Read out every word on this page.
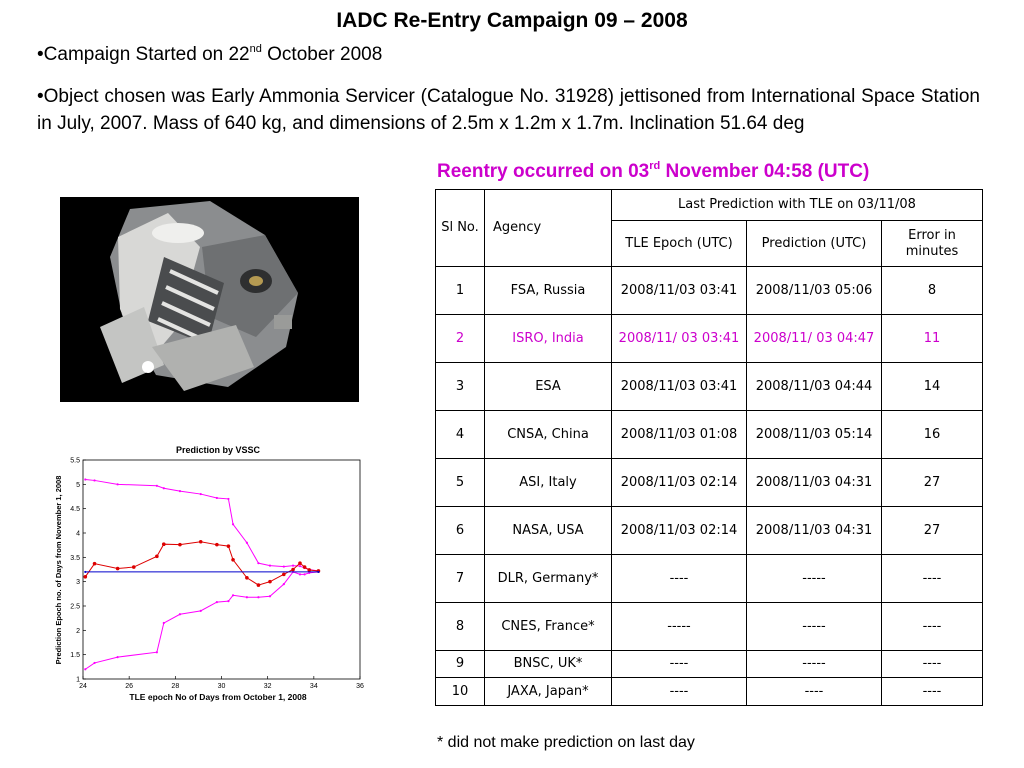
IADC Re-Entry Campaign 09 – 2008
•Campaign Started on 22nd October 2008
•Object chosen was Early Ammonia Servicer (Catalogue No. 31928) jettisoned from International Space Station in July, 2007. Mass of 640 kg, and dimensions of 2.5m x 1.2m x 1.7m. Inclination 51.64 deg
Reentry occurred on 03rd November 04:58 (UTC)
Sl No.	Agency	Last Prediction with TLE on 03/11/08		
		TLE Epoch (UTC)	Prediction (UTC)	Error in minutes
1	FSA, Russia	2008/11/03 03:41	2008/11/03 05:06	8
2	ISRO, India	2008/11/ 03 03:41	2008/11/ 03 04:47	11
3	ESA	2008/11/03 03:41	2008/11/03 04:44	14
4	CNSA, China	2008/11/03 01:08	2008/11/03 05:14	16
5	ASI, Italy	2008/11/03 02:14	2008/11/03 04:31	27
6	NASA, USA	2008/11/03 02:14	2008/11/03 04:31	27
7	DLR, Germany*	----	-----	----
8	CNES, France*	-----	-----	----
9	BNSC, UK*	----	-----	----
10	JAXA, Japan*	----	----	----
* did not make prediction on last day
Prediction by VSSC
24	26	28	30	32	34	36
1
1.5
2
2.5
3
3.5
4
4.5
5
5.5
TLE epoch No of Days from October 1, 2008
Prediction Epoch no. of Days from November 1, 2008
